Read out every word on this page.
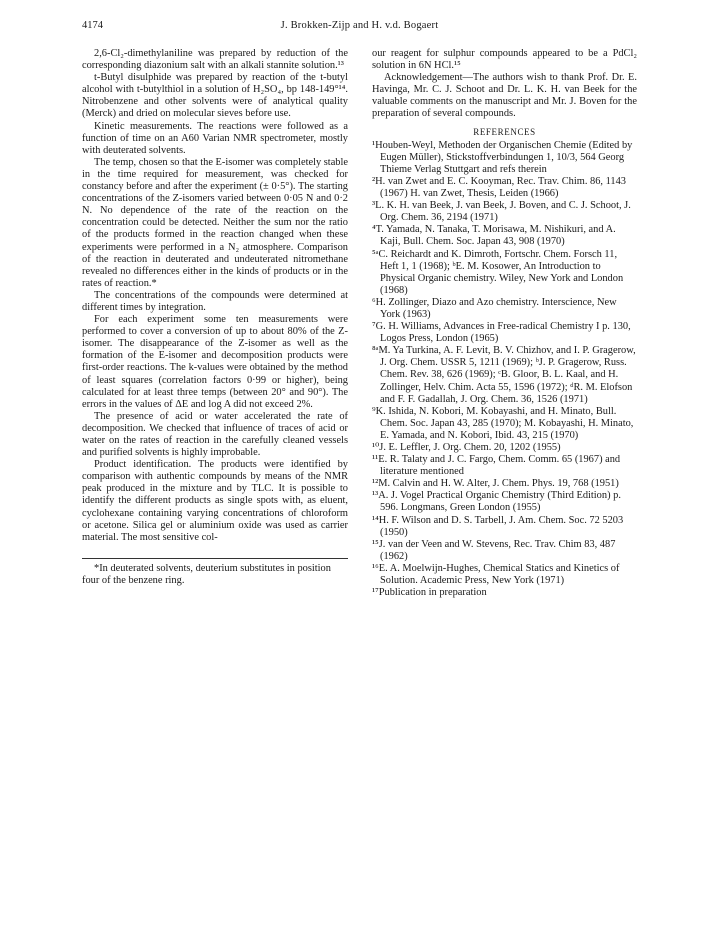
4174	J. Brokken-Zijp and H. v.d. Bogaert

2,6-Cl₂-dimethylaniline was prepared by reduction of the corresponding diazonium salt with an alkali stannite solution.¹³

t-Butyl disulphide was prepared by reaction of the t-butyl alcohol with t-butylthiol in a solution of H₂SO₄, bp 148-149°¹⁴. Nitrobenzene and other solvents were of analytical quality (Merck) and dried on molecular sieves before use.

Kinetic measurements. The reactions were followed as a function of time on an A60 Varian NMR spectrometer, mostly with deuterated solvents.

The temp, chosen so that the E-isomer was completely stable in the time required for measurement, was checked for constancy before and after the experiment (± 0·5°). The starting concentrations of the Z-isomers varied between 0·05 N and 0·2 N. No dependence of the rate of the reaction on the concentration could be detected. Neither the sum nor the ratio of the products formed in the reaction changed when these experiments were performed in a N₂ atmosphere. Comparison of the reaction in deuterated and undeuterated nitromethane revealed no differences either in the kinds of products or in the rates of reaction.*

The concentrations of the compounds were determined at different times by integration.

For each experiment some ten measurements were performed to cover a conversion of up to about 80% of the Z-isomer. The disappearance of the Z-isomer as well as the formation of the E-isomer and decomposition products were first-order reactions. The k-values were obtained by the method of least squares (correlation factors 0·99 or higher), being calculated for at least three temps (between 20° and 90°). The errors in the values of ΔE and log A did not exceed 2%.

The presence of acid or water accelerated the rate of decomposition. We checked that influence of traces of acid or water on the rates of reaction in the carefully cleaned vessels and purified solvents is highly improbable.

Product identification. The products were identified by comparison with authentic compounds by means of the NMR peak produced in the mixture and by TLC. It is possible to identify the different products as single spots with, as eluent, cyclohexane containing varying concentrations of chloroform or acetone. Silica gel or aluminium oxide was used as carrier material. The most sensitive col-

*In deuterated solvents, deuterium substitutes in position four of the benzene ring.

our reagent for sulphur compounds appeared to be a PdCl₂ solution in 6N HCl.¹⁵

Acknowledgement—The authors wish to thank Prof. Dr. E. Havinga, Mr. C. J. Schoot and Dr. L. K. H. van Beek for the valuable comments on the manuscript and Mr. J. Boven for the preparation of several compounds.

REFERENCES

¹Houben-Weyl, Methoden der Organischen Chemie (Edited by Eugen Müller), Stickstoffverbindungen 1, 10/3, 564 Georg Thieme Verlag Stuttgart and refs therein

²H. van Zwet and E. C. Kooyman, Rec. Trav. Chim. 86, 1143 (1967) H. van Zwet, Thesis, Leiden (1966)

³L. K. H. van Beek, J. van Beek, J. Boven, and C. J. Schoot, J. Org. Chem. 36, 2194 (1971)

⁴T. Yamada, N. Tanaka, T. Morisawa, M. Nishikuri, and A. Kaji, Bull. Chem. Soc. Japan 43, 908 (1970)

⁵ᵃC. Reichardt and K. Dimroth, Fortschr. Chem. Forsch 11, Heft 1, 1 (1968); ᵇE. M. Kosower, An Introduction to Physical Organic chemistry. Wiley, New York and London (1968)

⁶H. Zollinger, Diazo and Azo chemistry. Interscience, New York (1963)

⁷G. H. Williams, Advances in Free-radical Chemistry I p. 130, Logos Press, London (1965)

⁸ᵃM. Ya Turkina, A. F. Levit, B. V. Chizhov, and I. P. Gragerow, J. Org. Chem. USSR 5, 1211 (1969); ᵇJ. P. Gragerow, Russ. Chem. Rev. 38, 626 (1969); ᶜB. Gloor, B. L. Kaal, and H. Zollinger, Helv. Chim. Acta 55, 1596 (1972); ᵈR. M. Elofson and F. F. Gadallah, J. Org. Chem. 36, 1526 (1971)

⁹K. Ishida, N. Kobori, M. Kobayashi, and H. Minato, Bull. Chem. Soc. Japan 43, 285 (1970); M. Kobayashi, H. Minato, E. Yamada, and N. Kobori, Ibid. 43, 215 (1970)

¹⁰J. E. Leffler, J. Org. Chem. 20, 1202 (1955)

¹¹E. R. Talaty and J. C. Fargo, Chem. Comm. 65 (1967) and literature mentioned

¹²M. Calvin and H. W. Alter, J. Chem. Phys. 19, 768 (1951)

¹³A. J. Vogel Practical Organic Chemistry (Third Edition) p. 596. Longmans, Green London (1955)

¹⁴H. F. Wilson and D. S. Tarbell, J. Am. Chem. Soc. 72 5203 (1950)

¹⁵J. van der Veen and W. Stevens, Rec. Trav. Chim 83, 487 (1962)

¹⁶E. A. Moelwijn-Hughes, Chemical Statics and Kinetics of Solution. Academic Press, New York (1971)

¹⁷Publication in preparation
